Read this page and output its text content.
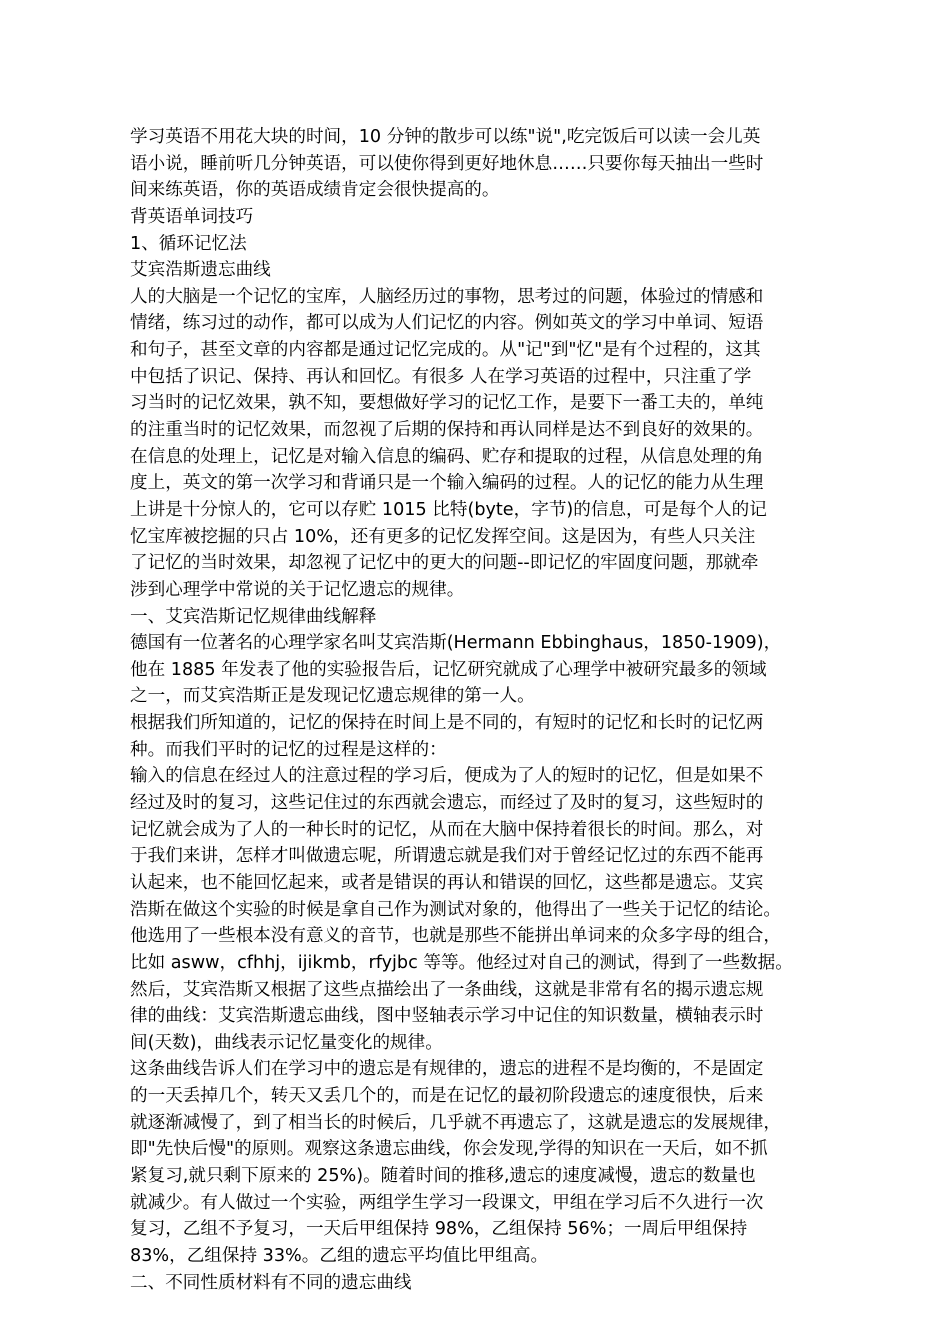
学习英语不用花大块的时间，10 分钟的散步可以练"说",吃完饭后可以读一会儿英
语小说，睡前听几分钟英语，可以使你得到更好地休息……只要你每天抽出一些时
间来练英语，你的英语成绩肯定会很快提高的。
背英语单词技巧
1、循环记忆法
艾宾浩斯遗忘曲线
人的大脑是一个记忆的宝库，人脑经历过的事物，思考过的问题，体验过的情感和
情绪，练习过的动作，都可以成为人们记忆的内容。例如英文的学习中单词、短语
和句子，甚至文章的内容都是通过记忆完成的。从"记"到"忆"是有个过程的，这其
中包括了识记、保持、再认和回忆。有很多 人在学习英语的过程中，只注重了学
习当时的记忆效果，孰不知，要想做好学习的记忆工作，是要下一番工夫的，单纯
的注重当时的记忆效果，而忽视了后期的保持和再认同样是达不到良好的效果的。
在信息的处理上，记忆是对输入信息的编码、贮存和提取的过程，从信息处理的角
度上，英文的第一次学习和背诵只是一个输入编码的过程。人的记忆的能力从生理
上讲是十分惊人的，它可以存贮 1015 比特(byte，字节)的信息，可是每个人的记
忆宝库被挖掘的只占 10%，还有更多的记忆发挥空间。这是因为，有些人只关注
了记忆的当时效果，却忽视了记忆中的更大的问题--即记忆的牢固度问题，那就牵
涉到心理学中常说的关于记忆遗忘的规律。
一、艾宾浩斯记忆规律曲线解释
德国有一位著名的心理学家名叫艾宾浩斯(Hermann Ebbinghaus，1850-1909)，
他在 1885 年发表了他的实验报告后，记忆研究就成了心理学中被研究最多的领域
之一，而艾宾浩斯正是发现记忆遗忘规律的第一人。
根据我们所知道的，记忆的保持在时间上是不同的，有短时的记忆和长时的记忆两
种。而我们平时的记忆的过程是这样的：
输入的信息在经过人的注意过程的学习后，便成为了人的短时的记忆，但是如果不
经过及时的复习，这些记住过的东西就会遗忘，而经过了及时的复习，这些短时的
记忆就会成为了人的一种长时的记忆，从而在大脑中保持着很长的时间。那么，对
于我们来讲，怎样才叫做遗忘呢，所谓遗忘就是我们对于曾经记忆过的东西不能再
认起来，也不能回忆起来，或者是错误的再认和错误的回忆，这些都是遗忘。艾宾
浩斯在做这个实验的时候是拿自己作为测试对象的，他得出了一些关于记忆的结论。
他选用了一些根本没有意义的音节，也就是那些不能拼出单词来的众多字母的组合，
比如 asww，cfhhj，ijikmb，rfyjbc 等等。他经过对自己的测试，得到了一些数据。
然后，艾宾浩斯又根据了这些点描绘出了一条曲线，这就是非常有名的揭示遗忘规
律的曲线：艾宾浩斯遗忘曲线，图中竖轴表示学习中记住的知识数量，横轴表示时
间(天数)，曲线表示记忆量变化的规律。
这条曲线告诉人们在学习中的遗忘是有规律的，遗忘的进程不是均衡的，不是固定
的一天丢掉几个，转天又丢几个的，而是在记忆的最初阶段遗忘的速度很快，后来
就逐渐减慢了，到了相当长的时候后，几乎就不再遗忘了，这就是遗忘的发展规律，
即"先快后慢"的原则。观察这条遗忘曲线，你会发现,学得的知识在一天后，如不抓
紧复习,就只剩下原来的 25%)。随着时间的推移,遗忘的速度减慢，遗忘的数量也
就减少。有人做过一个实验，两组学生学习一段课文，甲组在学习后不久进行一次
复习，乙组不予复习，一天后甲组保持 98%，乙组保持 56%；一周后甲组保持
83%，乙组保持 33%。乙组的遗忘平均值比甲组高。
二、不同性质材料有不同的遗忘曲线
